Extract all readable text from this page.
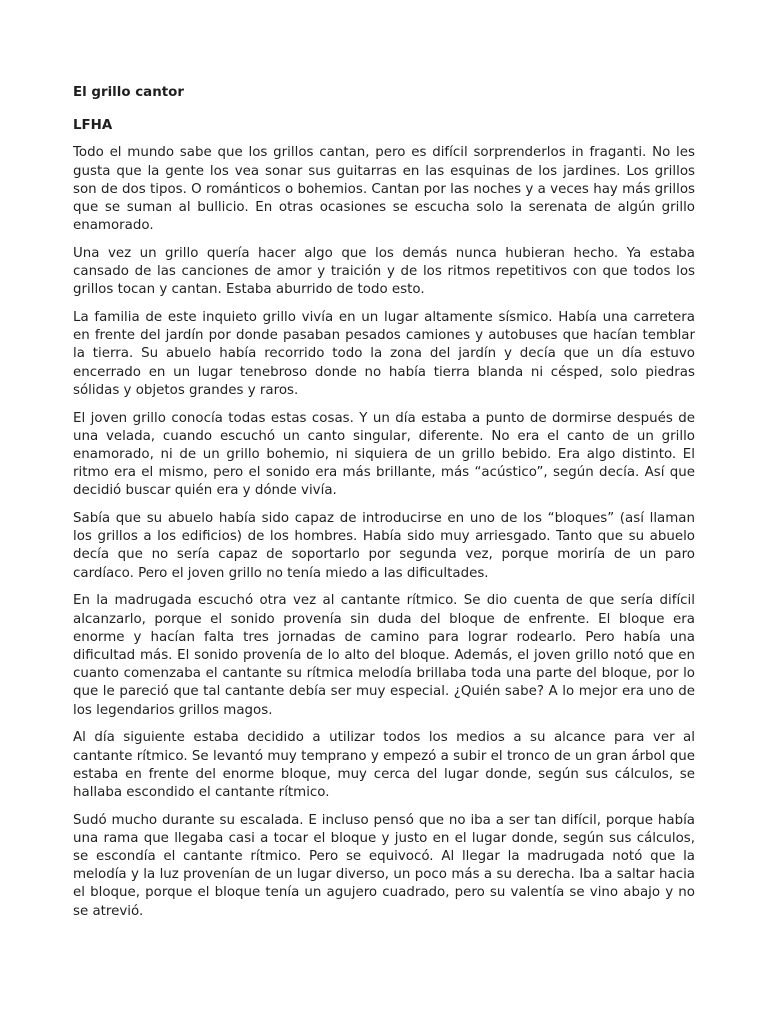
El grillo cantor

LFHA

Todo el mundo sabe que los grillos cantan, pero es difícil sorprenderlos in fraganti. No les gusta que la gente los vea sonar sus guitarras en las esquinas de los jardines. Los grillos son de dos tipos. O románticos o bohemios. Cantan por las noches y a veces hay más grillos que se suman al bullicio. En otras ocasiones se escucha solo la serenata de algún grillo enamorado.

Una vez un grillo quería hacer algo que los demás nunca hubieran hecho. Ya estaba cansado de las canciones de amor y traición y de los ritmos repetitivos con que todos los grillos tocan y cantan. Estaba aburrido de todo esto.

La familia de este inquieto grillo vivía en un lugar altamente sísmico. Había una carretera en frente del jardín por donde pasaban pesados camiones y autobuses que hacían temblar la tierra. Su abuelo había recorrido todo la zona del jardín y decía que un día estuvo encerrado en un lugar tenebroso donde no había tierra blanda ni césped, solo piedras sólidas y objetos grandes y raros.

El joven grillo conocía todas estas cosas. Y un día estaba a punto de dormirse después de una velada, cuando escuchó un canto singular, diferente. No era el canto de un grillo enamorado, ni de un grillo bohemio, ni siquiera de un grillo bebido. Era algo distinto. El ritmo era el mismo, pero el sonido era más brillante, más “acústico”, según decía. Así que decidió buscar quién era y dónde vivía.

Sabía que su abuelo había sido capaz de introducirse en uno de los “bloques” (así llaman los grillos a los edificios) de los hombres. Había sido muy arriesgado. Tanto que su abuelo decía que no sería capaz de soportarlo por segunda vez, porque moriría de un paro cardíaco. Pero el joven grillo no tenía miedo a las dificultades.

En la madrugada escuchó otra vez al cantante rítmico. Se dio cuenta de que sería difícil alcanzarlo, porque el sonido provenía sin duda del bloque de enfrente. El bloque era enorme y hacían falta tres jornadas de camino para lograr rodearlo. Pero había una dificultad más. El sonido provenía de lo alto del bloque. Además, el joven grillo notó que en cuanto comenzaba el cantante su rítmica melodía brillaba toda una parte del bloque, por lo que le pareció que tal cantante debía ser muy especial. ¿Quién sabe? A lo mejor era uno de los legendarios grillos magos.

Al día siguiente estaba decidido a utilizar todos los medios a su alcance para ver al cantante rítmico. Se levantó muy temprano y empezó a subir el tronco de un gran árbol que estaba en frente del enorme bloque, muy cerca del lugar donde, según sus cálculos, se hallaba escondido el cantante rítmico.

Sudó mucho durante su escalada. E incluso pensó que no iba a ser tan difícil, porque había una rama que llegaba casi a tocar el bloque y justo en el lugar donde, según sus cálculos, se escondía el cantante rítmico. Pero se equivocó. Al llegar la madrugada notó que la melodía y la luz provenían de un lugar diverso, un poco más a su derecha. Iba a saltar hacia el bloque, porque el bloque tenía un agujero cuadrado, pero su valentía se vino abajo y no se atrevió.
